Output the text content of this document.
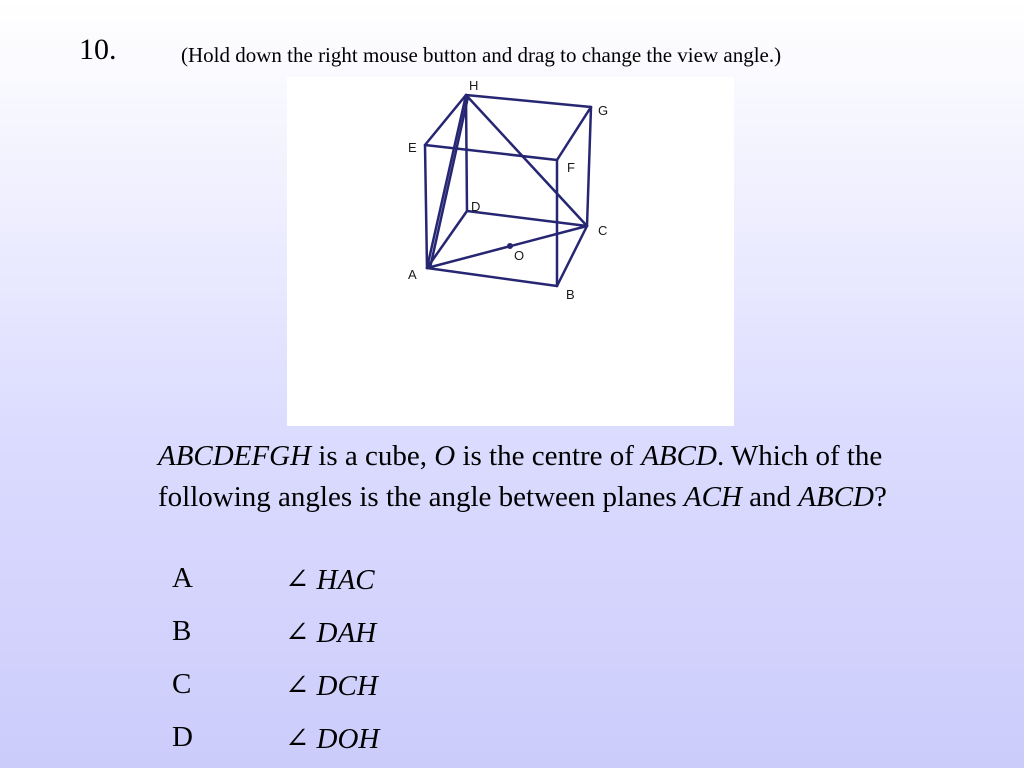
10.	(Hold down the right mouse button and drag to change the view angle.)
A
B
C
D
E
F
G
H
O
ABCDEFGH is a cube, O is the centre of ABCD. Which of the following angles is the angle between planes ACH and ABCD?
A	∠ HAC
B	∠ DAH
C	∠ DCH
D	∠ DOH
